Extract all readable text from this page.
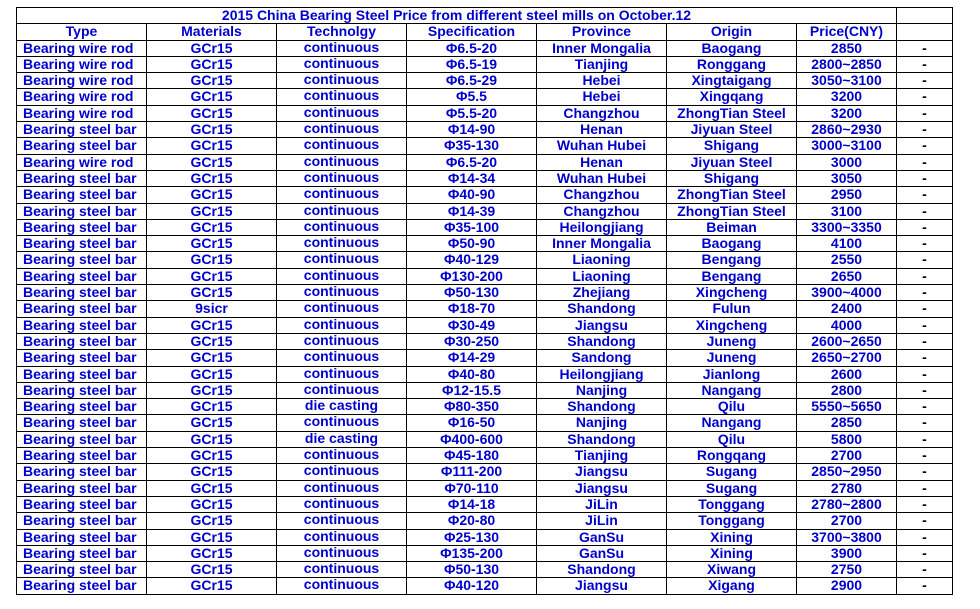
2015 China Bearing Steel Price from different steel mills on October.12							
Type	Materials	Technolgy	Specification	Province	Origin	Price(CNY)	
Bearing wire rod	GCr15	continuous	Φ6.5-20	Inner Mongalia	Baogang	2850	-
Bearing wire rod	GCr15	continuous	Φ6.5-19	Tianjing	Ronggang	2800~2850	-
Bearing wire rod	GCr15	continuous	Φ6.5-29	Hebei	Xingtaigang	3050~3100	-
Bearing wire rod	GCr15	continuous	Φ5.5	Hebei	Xingqang	3200	-
Bearing wire rod	GCr15	continuous	Φ5.5-20	Changzhou	ZhongTian Steel	3200	-
Bearing steel bar	GCr15	continuous	Φ14-90	Henan	Jiyuan Steel	2860~2930	-
Bearing steel bar	GCr15	continuous	Φ35-130	Wuhan Hubei	Shigang	3000~3100	-
Bearing wire rod	GCr15	continuous	Φ6.5-20	Henan	Jiyuan Steel	3000	-
Bearing steel bar	GCr15	continuous	Φ14-34	Wuhan Hubei	Shigang	3050	-
Bearing steel bar	GCr15	continuous	Φ40-90	Changzhou	ZhongTian Steel	2950	-
Bearing steel bar	GCr15	continuous	Φ14-39	Changzhou	ZhongTian Steel	3100	-
Bearing steel bar	GCr15	continuous	Φ35-100	Heilongjiang	Beiman	3300~3350	-
Bearing steel bar	GCr15	continuous	Φ50-90	Inner Mongalia	Baogang	4100	-
Bearing steel bar	GCr15	continuous	Φ40-129	Liaoning	Bengang	2550	-
Bearing steel bar	GCr15	continuous	Φ130-200	Liaoning	Bengang	2650	-
Bearing steel bar	GCr15	continuous	Φ50-130	Zhejiang	Xingcheng	3900~4000	-
Bearing steel bar	9sicr	continuous	Φ18-70	Shandong	Fulun	2400	-
Bearing steel bar	GCr15	continuous	Φ30-49	Jiangsu	Xingcheng	4000	-
Bearing steel bar	GCr15	continuous	Φ30-250	Shandong	Juneng	2600~2650	-
Bearing steel bar	GCr15	continuous	Φ14-29	Sandong	Juneng	2650~2700	-
Bearing steel bar	GCr15	continuous	Φ40-80	Heilongjiang	Jianlong	2600	-
Bearing steel bar	GCr15	continuous	Φ12-15.5	Nanjing	Nangang	2800	-
Bearing steel bar	GCr15	die casting	Φ80-350	Shandong	Qilu	5550~5650	-
Bearing steel bar	GCr15	continuous	Φ16-50	Nanjing	Nangang	2850	-
Bearing steel bar	GCr15	die casting	Φ400-600	Shandong	Qilu	5800	-
Bearing steel bar	GCr15	continuous	Φ45-180	Tianjing	Rongqang	2700	-
Bearing steel bar	GCr15	continuous	Φ111-200	Jiangsu	Sugang	2850~2950	-
Bearing steel bar	GCr15	continuous	Φ70-110	Jiangsu	Sugang	2780	-
Bearing steel bar	GCr15	continuous	Φ14-18	JiLin	Tonggang	2780~2800	-
Bearing steel bar	GCr15	continuous	Φ20-80	JiLin	Tonggang	2700	-
Bearing steel bar	GCr15	continuous	Φ25-130	GanSu	Xining	3700~3800	-
Bearing steel bar	GCr15	continuous	Φ135-200	GanSu	Xining	3900	-
Bearing steel bar	GCr15	continuous	Φ50-130	Shandong	Xiwang	2750	-
Bearing steel bar	GCr15	continuous	Φ40-120	Jiangsu	Xigang	2900	-
